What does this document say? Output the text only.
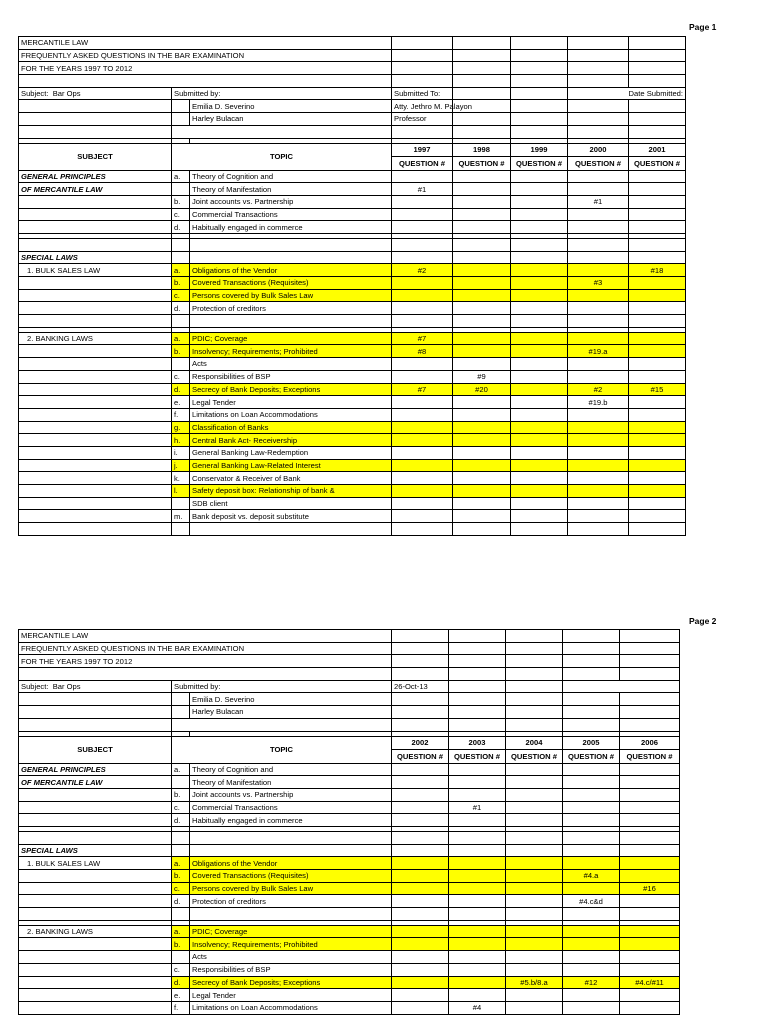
Page 1
MERCANTILE LAW							
FREQUENTLY ASKED QUESTIONS IN THE BAR EXAMINATION							
FOR THE YEARS 1997 TO 2012							

Subject: Bar Ops	Submitted by:		Submitted To:			Date Submitted:	
		Emilia D. Severino	Atty. Jethro M. Palayon				
		Harley Bulacan	Professor				

SUBJECT	TOPIC		1997	1998	1999	2000	2001
			QUESTION #	QUESTION #	QUESTION #	QUESTION #	QUESTION #
GENERAL PRINCIPLES	a.	Theory of Cognition and					
OF MERCANTILE LAW		Theory of Manifestation	#1				
	b.	Joint accounts vs. Partnership				#1	
	c.	Commercial Transactions					
	d.	Habitually engaged in commerce					

SPECIAL LAWS							
1. BULK SALES LAW	a.	Obligations of the Vendor	#2				#18
	b.	Covered Transactions (Requisites)				#3	
	c.	Persons covered by Bulk Sales Law					
	d.	Protection of creditors					

2. BANKING LAWS	a.	PDIC; Coverage	#7				
	b.	Insolvency; Requirements; Prohibited	#8			#19.a	
		Acts					
	c.	Responsibilities of BSP		#9			
	d.	Secrecy of Bank Deposits; Exceptions	#7	#20		#2	#15
	e.	Legal Tender				#19.b	
	f.	Limitations on Loan Accommodations					
	g.	Classification of Banks					
	h.	Central Bank Act- Receivership					
	i.	General Banking Law-Redemption					
	j.	General Banking Law-Related Interest					
	k.	Conservator & Receiver of Bank					
	l.	Safety deposit box: Relationship of bank &					
		SDB client					
	m.	Bank deposit vs. deposit substitute					

Page 2
MERCANTILE LAW							
FREQUENTLY ASKED QUESTIONS IN THE BAR EXAMINATION							
FOR THE YEARS 1997 TO 2012							

Subject: Bar Ops	Submitted by:		26-Oct-13				
		Emilia D. Severino					
		Harley Bulacan					

SUBJECT	TOPIC		2002	2003	2004	2005	2006
			QUESTION #	QUESTION #	QUESTION #	QUESTION #	QUESTION #
GENERAL PRINCIPLES	a.	Theory of Cognition and					
OF MERCANTILE LAW		Theory of Manifestation					
	b.	Joint accounts vs. Partnership					
	c.	Commercial Transactions		#1			
	d.	Habitually engaged in commerce					

SPECIAL LAWS							
1. BULK SALES LAW	a.	Obligations of the Vendor					
	b.	Covered Transactions (Requisites)				#4.a	
	c.	Persons covered by Bulk Sales Law					#16
	d.	Protection of creditors				#4.c&d	

2. BANKING LAWS	a.	PDIC; Coverage					
	b.	Insolvency; Requirements; Prohibited					
		Acts					
	c.	Responsibilities of BSP					
	d.	Secrecy of Bank Deposits; Exceptions			#5.b/8.a	#12	#4.c/#11
	e.	Legal Tender					
	f.	Limitations on Loan Accommodations		#4			
